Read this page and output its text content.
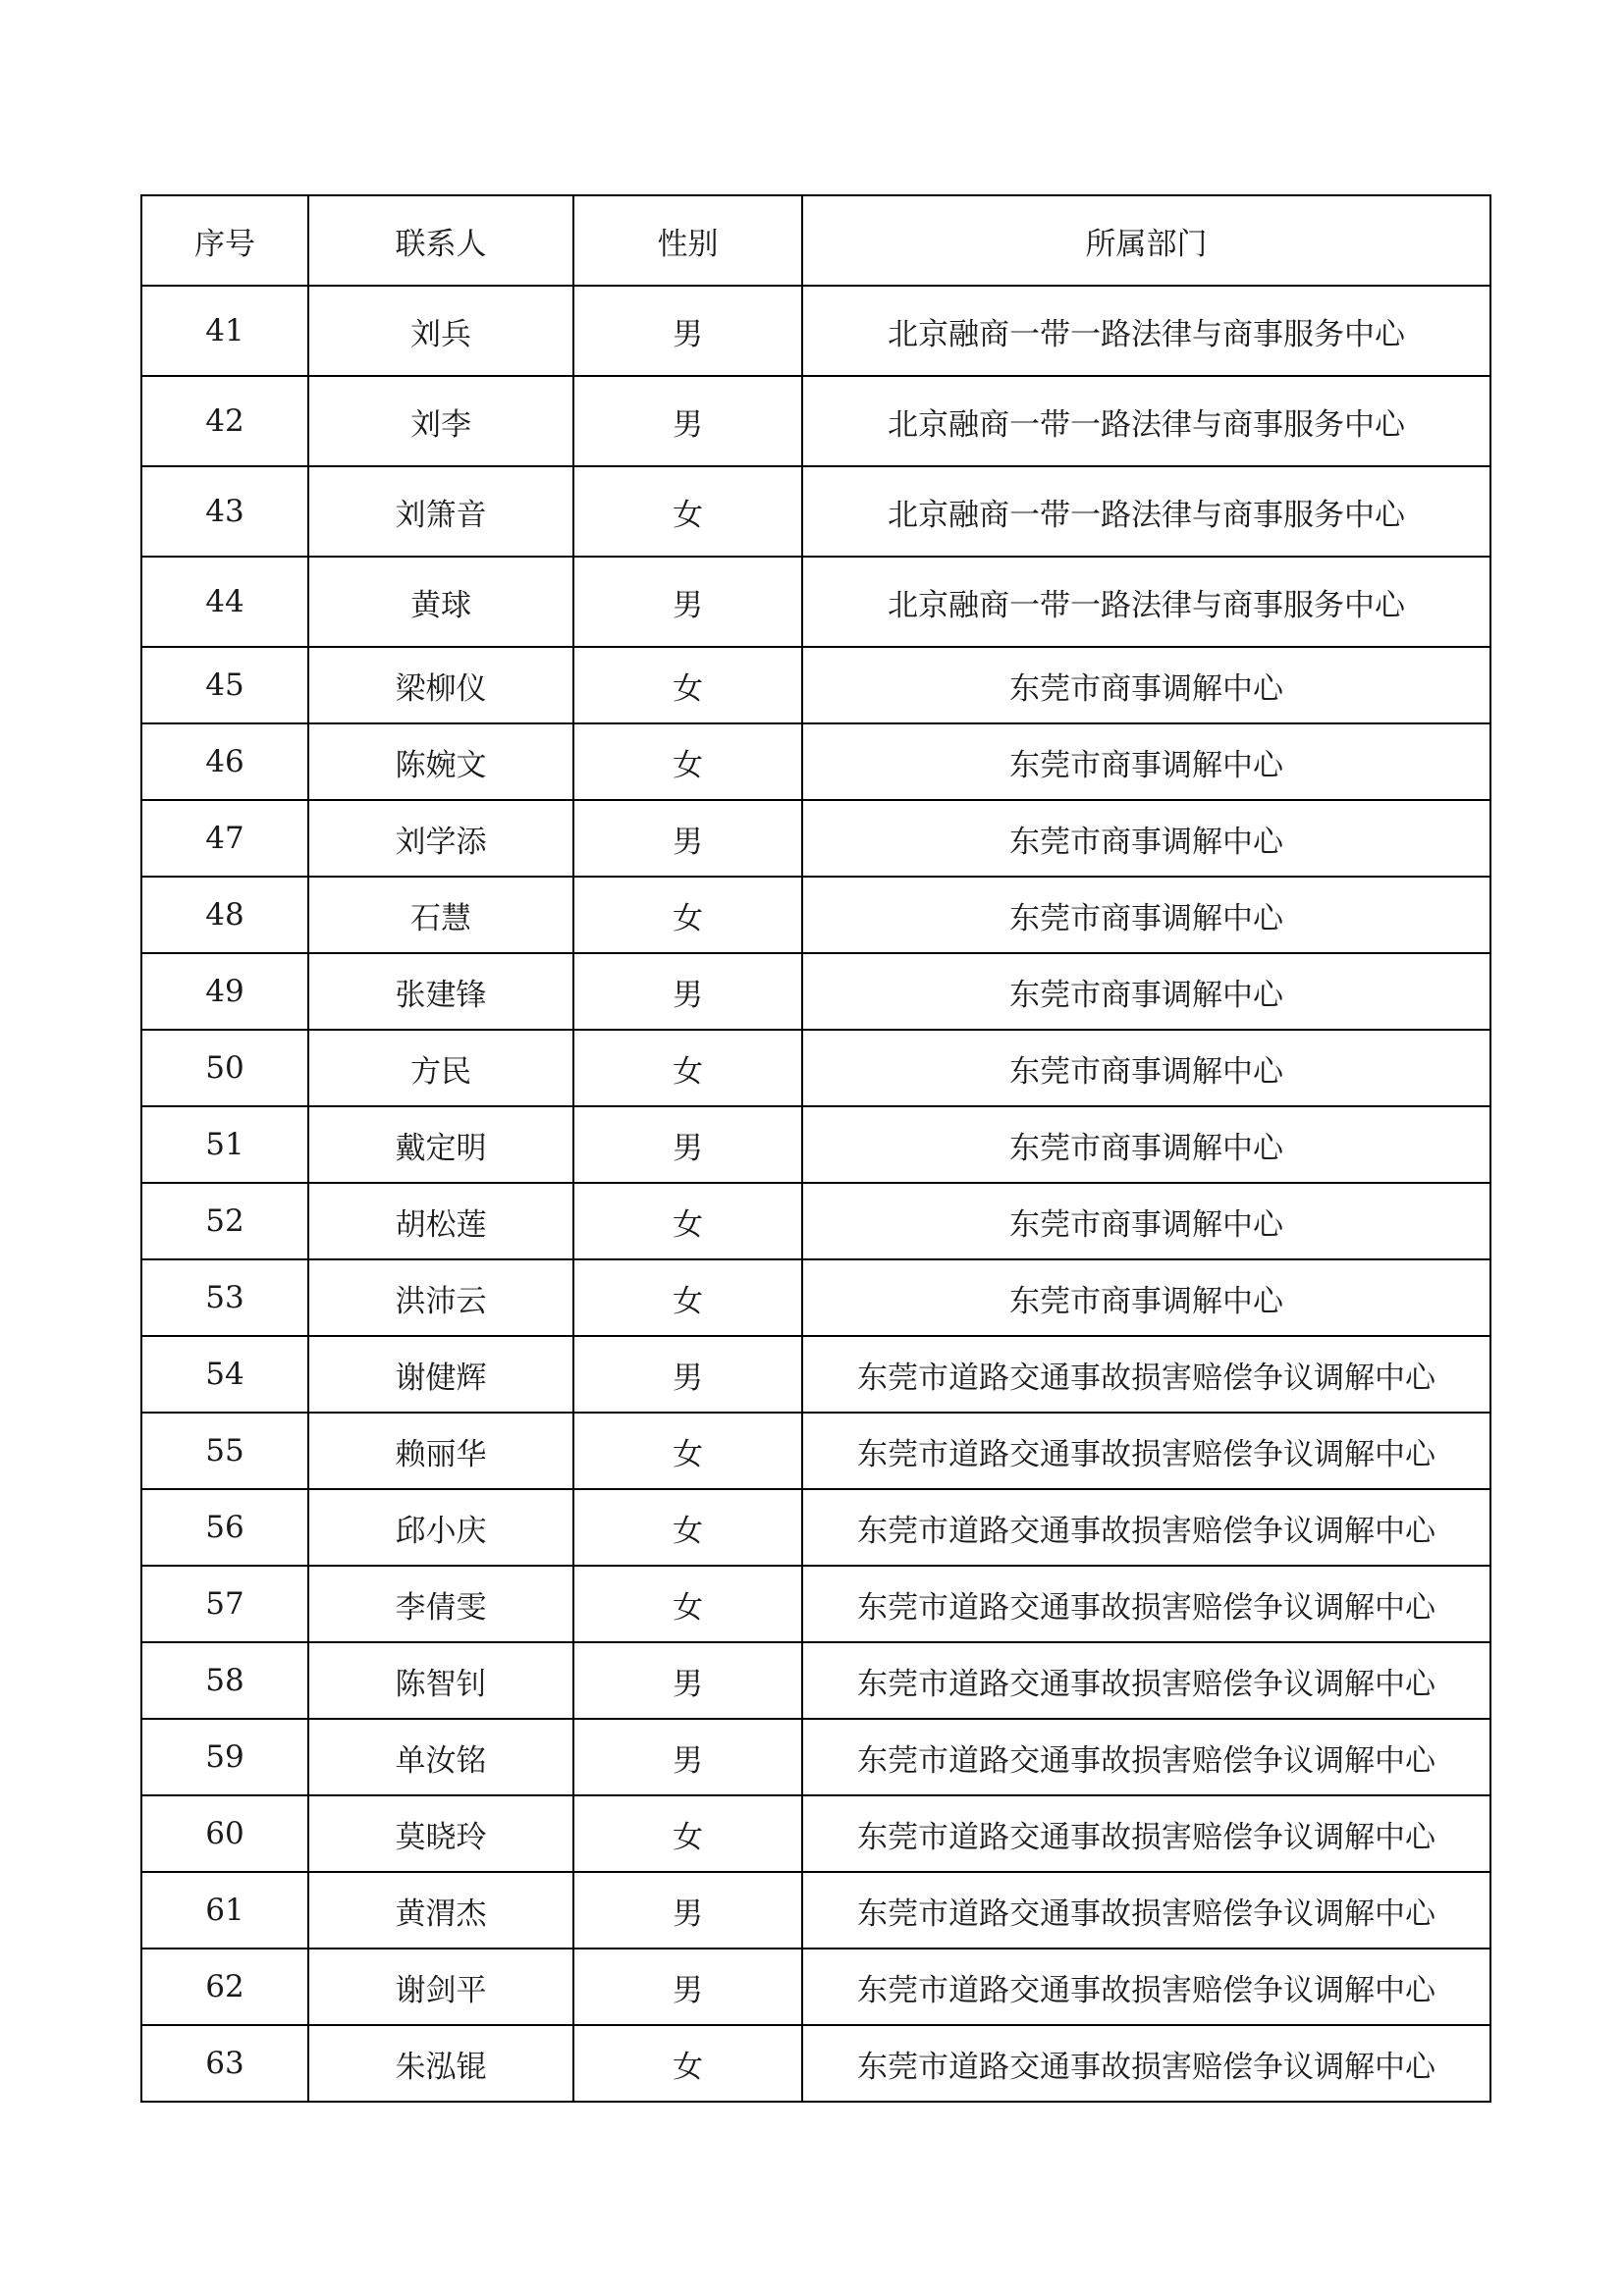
序号	联系人	性别	所属部门
41	刘兵	男	北京融商一带一路法律与商事服务中心
42	刘李	男	北京融商一带一路法律与商事服务中心
43	刘箫音	女	北京融商一带一路法律与商事服务中心
44	黄球	男	北京融商一带一路法律与商事服务中心
45	梁柳仪	女	东莞市商事调解中心
46	陈婉文	女	东莞市商事调解中心
47	刘学添	男	东莞市商事调解中心
48	石慧	女	东莞市商事调解中心
49	张建锋	男	东莞市商事调解中心
50	方民	女	东莞市商事调解中心
51	戴定明	男	东莞市商事调解中心
52	胡松莲	女	东莞市商事调解中心
53	洪沛云	女	东莞市商事调解中心
54	谢健辉	男	东莞市道路交通事故损害赔偿争议调解中心
55	赖丽华	女	东莞市道路交通事故损害赔偿争议调解中心
56	邱小庆	女	东莞市道路交通事故损害赔偿争议调解中心
57	李倩雯	女	东莞市道路交通事故损害赔偿争议调解中心
58	陈智钊	男	东莞市道路交通事故损害赔偿争议调解中心
59	单汝铭	男	东莞市道路交通事故损害赔偿争议调解中心
60	莫晓玲	女	东莞市道路交通事故损害赔偿争议调解中心
61	黄渭杰	男	东莞市道路交通事故损害赔偿争议调解中心
62	谢剑平	男	东莞市道路交通事故损害赔偿争议调解中心
63	朱泓锟	女	东莞市道路交通事故损害赔偿争议调解中心
